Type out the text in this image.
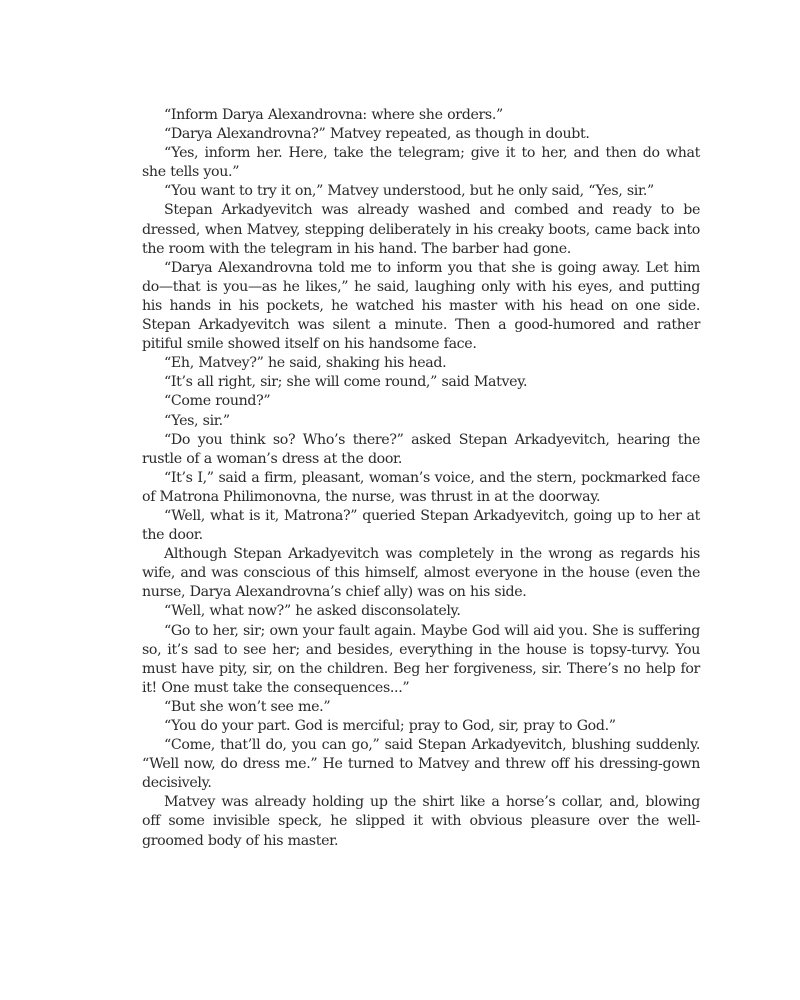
“Inform Darya Alexandrovna: where she orders.”

“Darya Alexandrovna?” Matvey repeated, as though in doubt.

“Yes, inform her. Here, take the telegram; give it to her, and then do what she tells you.”

“You want to try it on,” Matvey understood, but he only said, “Yes, sir.”

Stepan Arkadyevitch was already washed and combed and ready to be dressed, when Matvey, stepping deliberately in his creaky boots, came back into the room with the telegram in his hand. The barber had gone.

“Darya Alexandrovna told me to inform you that she is going away. Let him do—that is you—as he likes,” he said, laughing only with his eyes, and putting his hands in his pockets, he watched his master with his head on one side. Stepan Arkadyevitch was silent a minute. Then a good-humored and rather pitiful smile showed itself on his handsome face.

“Eh, Matvey?” he said, shaking his head.

“It’s all right, sir; she will come round,” said Matvey.

“Come round?”

“Yes, sir.”

“Do you think so? Who’s there?” asked Stepan Arkadyevitch, hearing the rustle of a woman’s dress at the door.

“It’s I,” said a firm, pleasant, woman’s voice, and the stern, pockmarked face of Matrona Philimonovna, the nurse, was thrust in at the doorway.

“Well, what is it, Matrona?” queried Stepan Arkadyevitch, going up to her at the door.

Although Stepan Arkadyevitch was completely in the wrong as regards his wife, and was conscious of this himself, almost everyone in the house (even the nurse, Darya Alexandrovna’s chief ally) was on his side.

“Well, what now?” he asked disconsolately.

“Go to her, sir; own your fault again. Maybe God will aid you. She is suffering so, it’s sad to see her; and besides, everything in the house is topsy-turvy. You must have pity, sir, on the children. Beg her forgiveness, sir. There’s no help for it! One must take the consequences...”

“But she won’t see me.”

“You do your part. God is merciful; pray to God, sir, pray to God.”

“Come, that’ll do, you can go,” said Stepan Arkadyevitch, blushing suddenly. “Well now, do dress me.” He turned to Matvey and threw off his dressing-gown decisively.

Matvey was already holding up the shirt like a horse’s collar, and, blowing off some invisible speck, he slipped it with obvious pleasure over the well-groomed body of his master.
